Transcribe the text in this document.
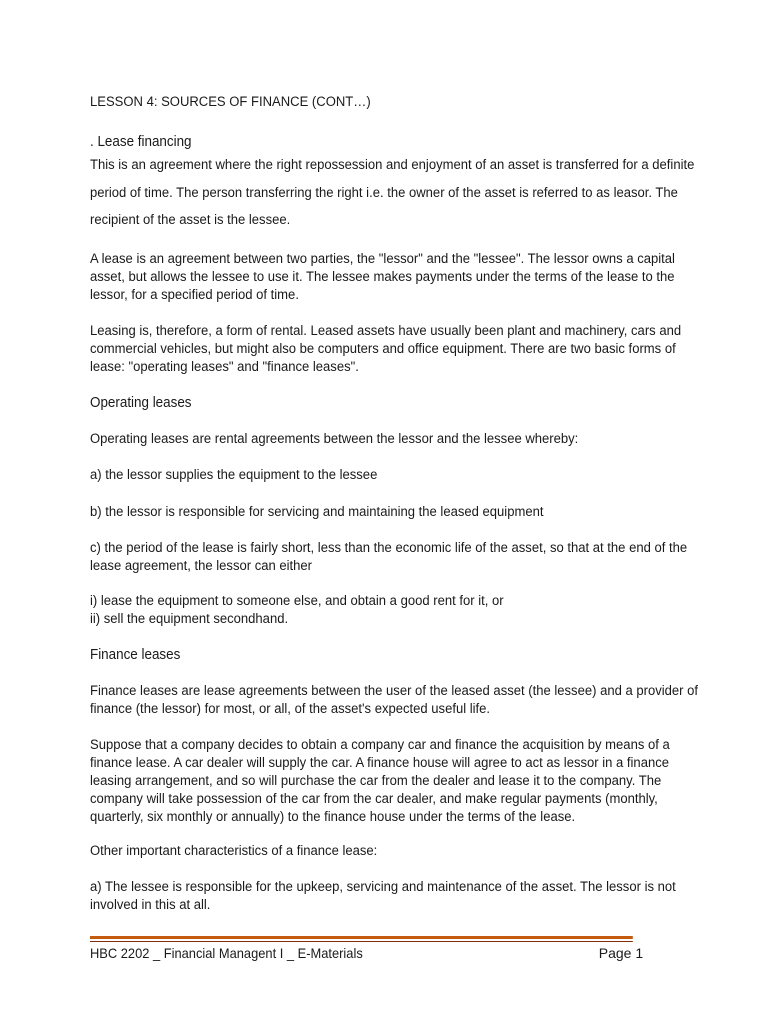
LESSON 4: SOURCES OF FINANCE (CONT…)

. Lease financing

This is an agreement where the right repossession and enjoyment of an asset is transferred for a definite
period of time. The person transferring the right i.e. the owner of the asset is referred to as leasor. The
recipient of the asset is the lessee.

A lease is an agreement between two parties, the "lessor" and the "lessee". The lessor owns a capital
asset, but allows the lessee to use it. The lessee makes payments under the terms of the lease to the
lessor, for a specified period of time.

Leasing is, therefore, a form of rental. Leased assets have usually been plant and machinery, cars and
commercial vehicles, but might also be computers and office equipment. There are two basic forms of
lease: "operating leases" and "finance leases".

Operating leases

Operating leases are rental agreements between the lessor and the lessee whereby:

a) the lessor supplies the equipment to the lessee

b) the lessor is responsible for servicing and maintaining the leased equipment

c) the period of the lease is fairly short, less than the economic life of the asset, so that at the end of the
lease agreement, the lessor can either

i) lease the equipment to someone else, and obtain a good rent for it, or
ii) sell the equipment secondhand.

Finance leases

Finance leases are lease agreements between the user of the leased asset (the lessee) and a provider of
finance (the lessor) for most, or all, of the asset's expected useful life.

Suppose that a company decides to obtain a company car and finance the acquisition by means of a
finance lease. A car dealer will supply the car. A finance house will agree to act as lessor in a finance
leasing arrangement, and so will purchase the car from the dealer and lease it to the company. The
company will take possession of the car from the car dealer, and make regular payments (monthly,
quarterly, six monthly or annually) to the finance house under the terms of the lease.

Other important characteristics of a finance lease:

a) The lessee is responsible for the upkeep, servicing and maintenance of the asset. The lessor is not
involved in this at all.

HBC 2202 _ Financial Managent I _ E-Materials	Page 1
